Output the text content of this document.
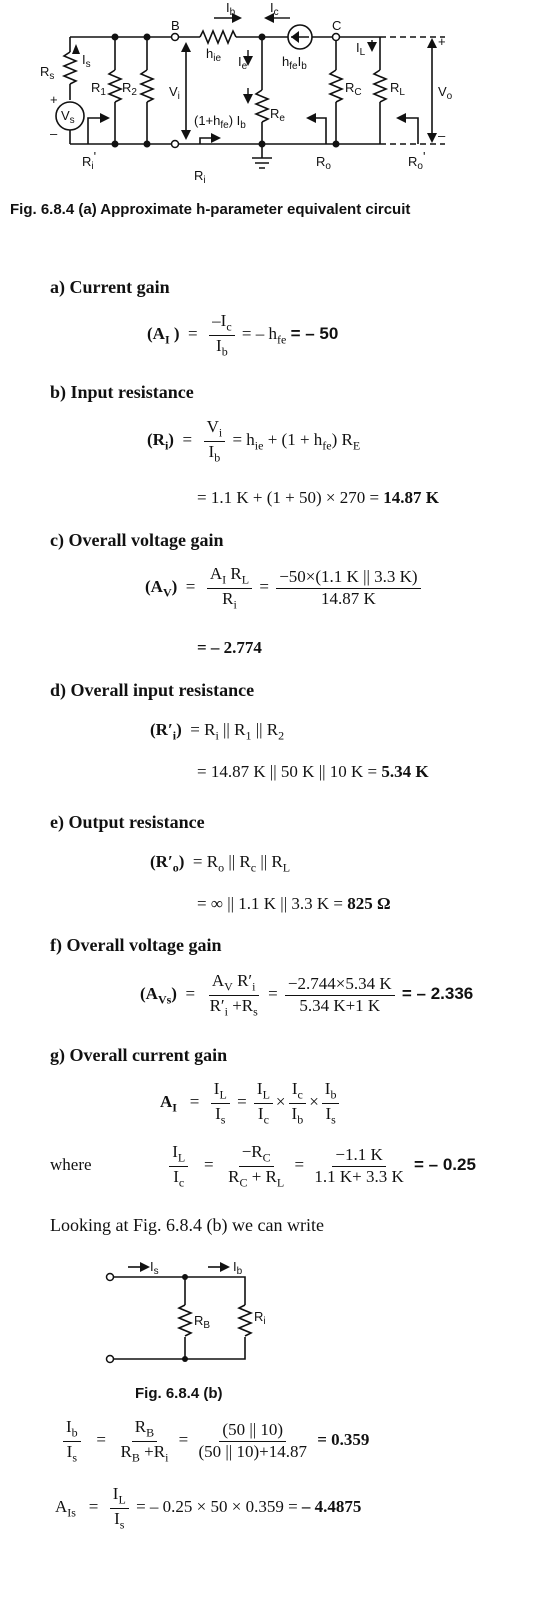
B	C
$I_b$	$I_c$
$h_{ie}$ $I_e$	$h_{fe}I_b$
$R_s$
$I_s$
$R_1$ $R_2$ $V_i$
$V_s$
+
–
$R_e$
$(1+h_{fe})$ $I_b$
$R_C$ $R_L$
$I_L$
$V_o$
+
–
$R_i'$
$R_i$
$R_o$	$R_o'$
Fig. 6.8.4 (a) Approximate h-parameter equivalent circuit
a) Current gain
($A_I$ )  = $\frac{-I_c}{I_b}$ = – $h_{fe}$ = – 50
b) Input resistance
$(R_i) = \frac{V_i}{I_b} = h_{ie} + (1 + h_{fe})$ $R_E$
= 1.1 K + (1 + 50) × 270 = 14.87 K
c) Overall voltage gain
$(A_V) = \frac{A_I R_L}{R_i} = \frac{-50\times(1.1 K || 3.3 K)}{14.87 K}$
= – 2.774
d) Overall input resistance
$(R'_i) = R_i$ || $R_1$ || $R_2$
= 14.87 K || 50 K || 10 K = 5.34 K
e) Output resistance
$(R'_o) = R_o$ || $R_c$ || $R_L$
= ∞ || 1.1 K || 3.3 K = 825 Ω
f) Overall voltage gain
$(A_{Vs}) = \frac{A_V R'_i}{R'_i +R_s} = \frac{-2.744\times 5.34 K}{5.34 K+1 K}$ = – 2.336
g) Overall current gain
$A_I = \frac{I_L}{I_s} = \frac{I_L}{I_c} \times \frac{I_c}{I_b} \times \frac{I_b}{I_s}$
where	$\frac{I_L}{I_c} = \frac{-R_C}{R_C + R_L} = \frac{-1.1 K}{1.1 K+ 3.3 K}$ = – 0.25
Looking at Fig. 6.8.4 (b) we can write
$I_s$	$I_b$
$R_B$
$R_i$
Fig. 6.8.4 (b)
$\frac{I_b}{I_s} = \frac{R_B}{R_B +R_i} = \frac{(50 || 10)}{(50 || 10)+14.87} = 0.359$
$A_{Is} = \frac{I_L}{I_s}$ = – 0.25 × 50 × 0.359 = – 4.4875
